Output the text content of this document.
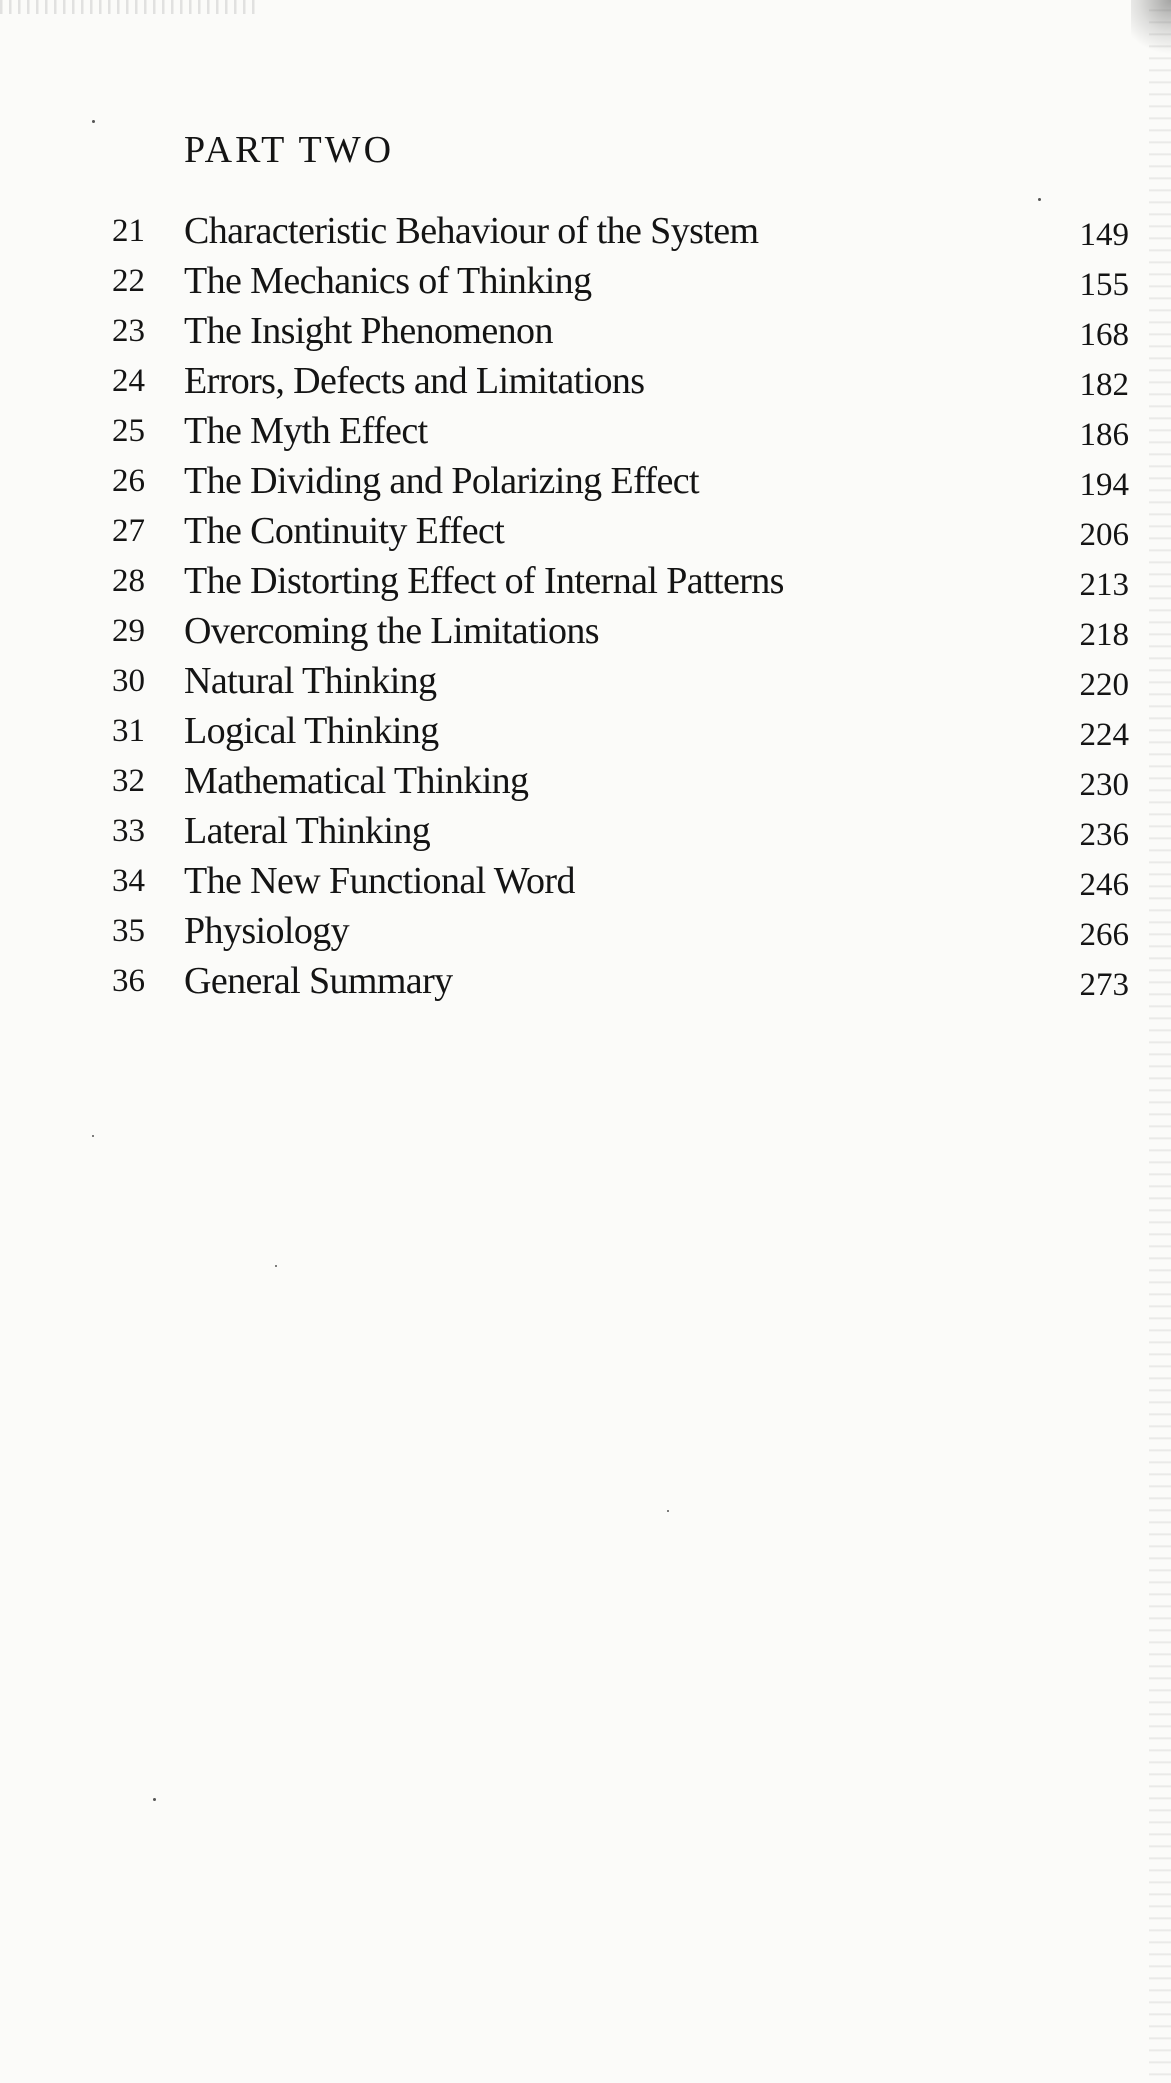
PART TWO
21 Characteristic Behaviour of the System	149
22 The Mechanics of Thinking	155
23 The Insight Phenomenon	168
24 Errors, Defects and Limitations	182
25 The Myth Effect	186
26 The Dividing and Polarizing Effect	194
27 The Continuity Effect	206
28 The Distorting Effect of Internal Patterns	213
29 Overcoming the Limitations	218
30 Natural Thinking	220
31 Logical Thinking	224
32 Mathematical Thinking	230
33 Lateral Thinking	236
34 The New Functional Word	246
35 Physiology	266
36 General Summary	273
